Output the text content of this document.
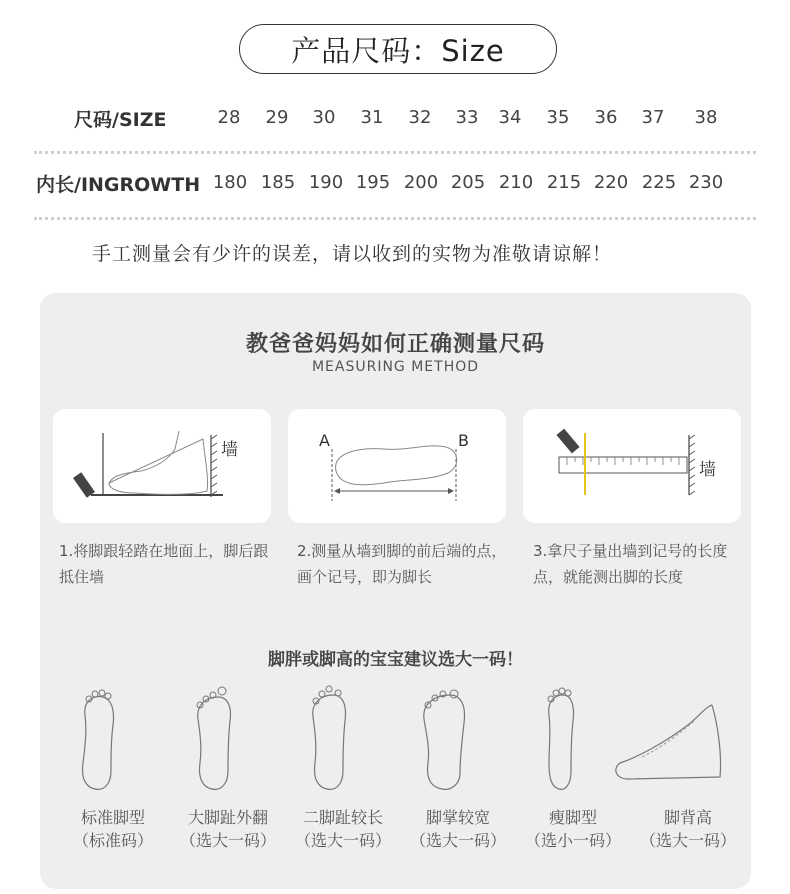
产品尺码：Size
尺码/SIZE	28	29	30	31	32	33	34	35	36	37	38
内长/INGROWTH 180 185 190 195 200 205 210 215 220 225 230
手工测量会有少许的误差，请以收到的实物为准敬请谅解！
教爸爸妈妈如何正确测量尺码
MEASURING METHOD
墙	A	B
墙
1.将脚跟轻踏在地面上，脚后跟抵住墙
2.测量从墙到脚的前后端的点，画个记号，即为脚长
3.拿尺子量出墙到记号的长度点，就能测出脚的长度
脚胖或脚高的宝宝建议选大一码！
标准脚型
（标准码）
大脚趾外翻
（选大一码）
二脚趾较长
（选大一码）
脚掌较宽
（选大一码）
瘦脚型
（选小一码）
脚背高
（选大一码）
